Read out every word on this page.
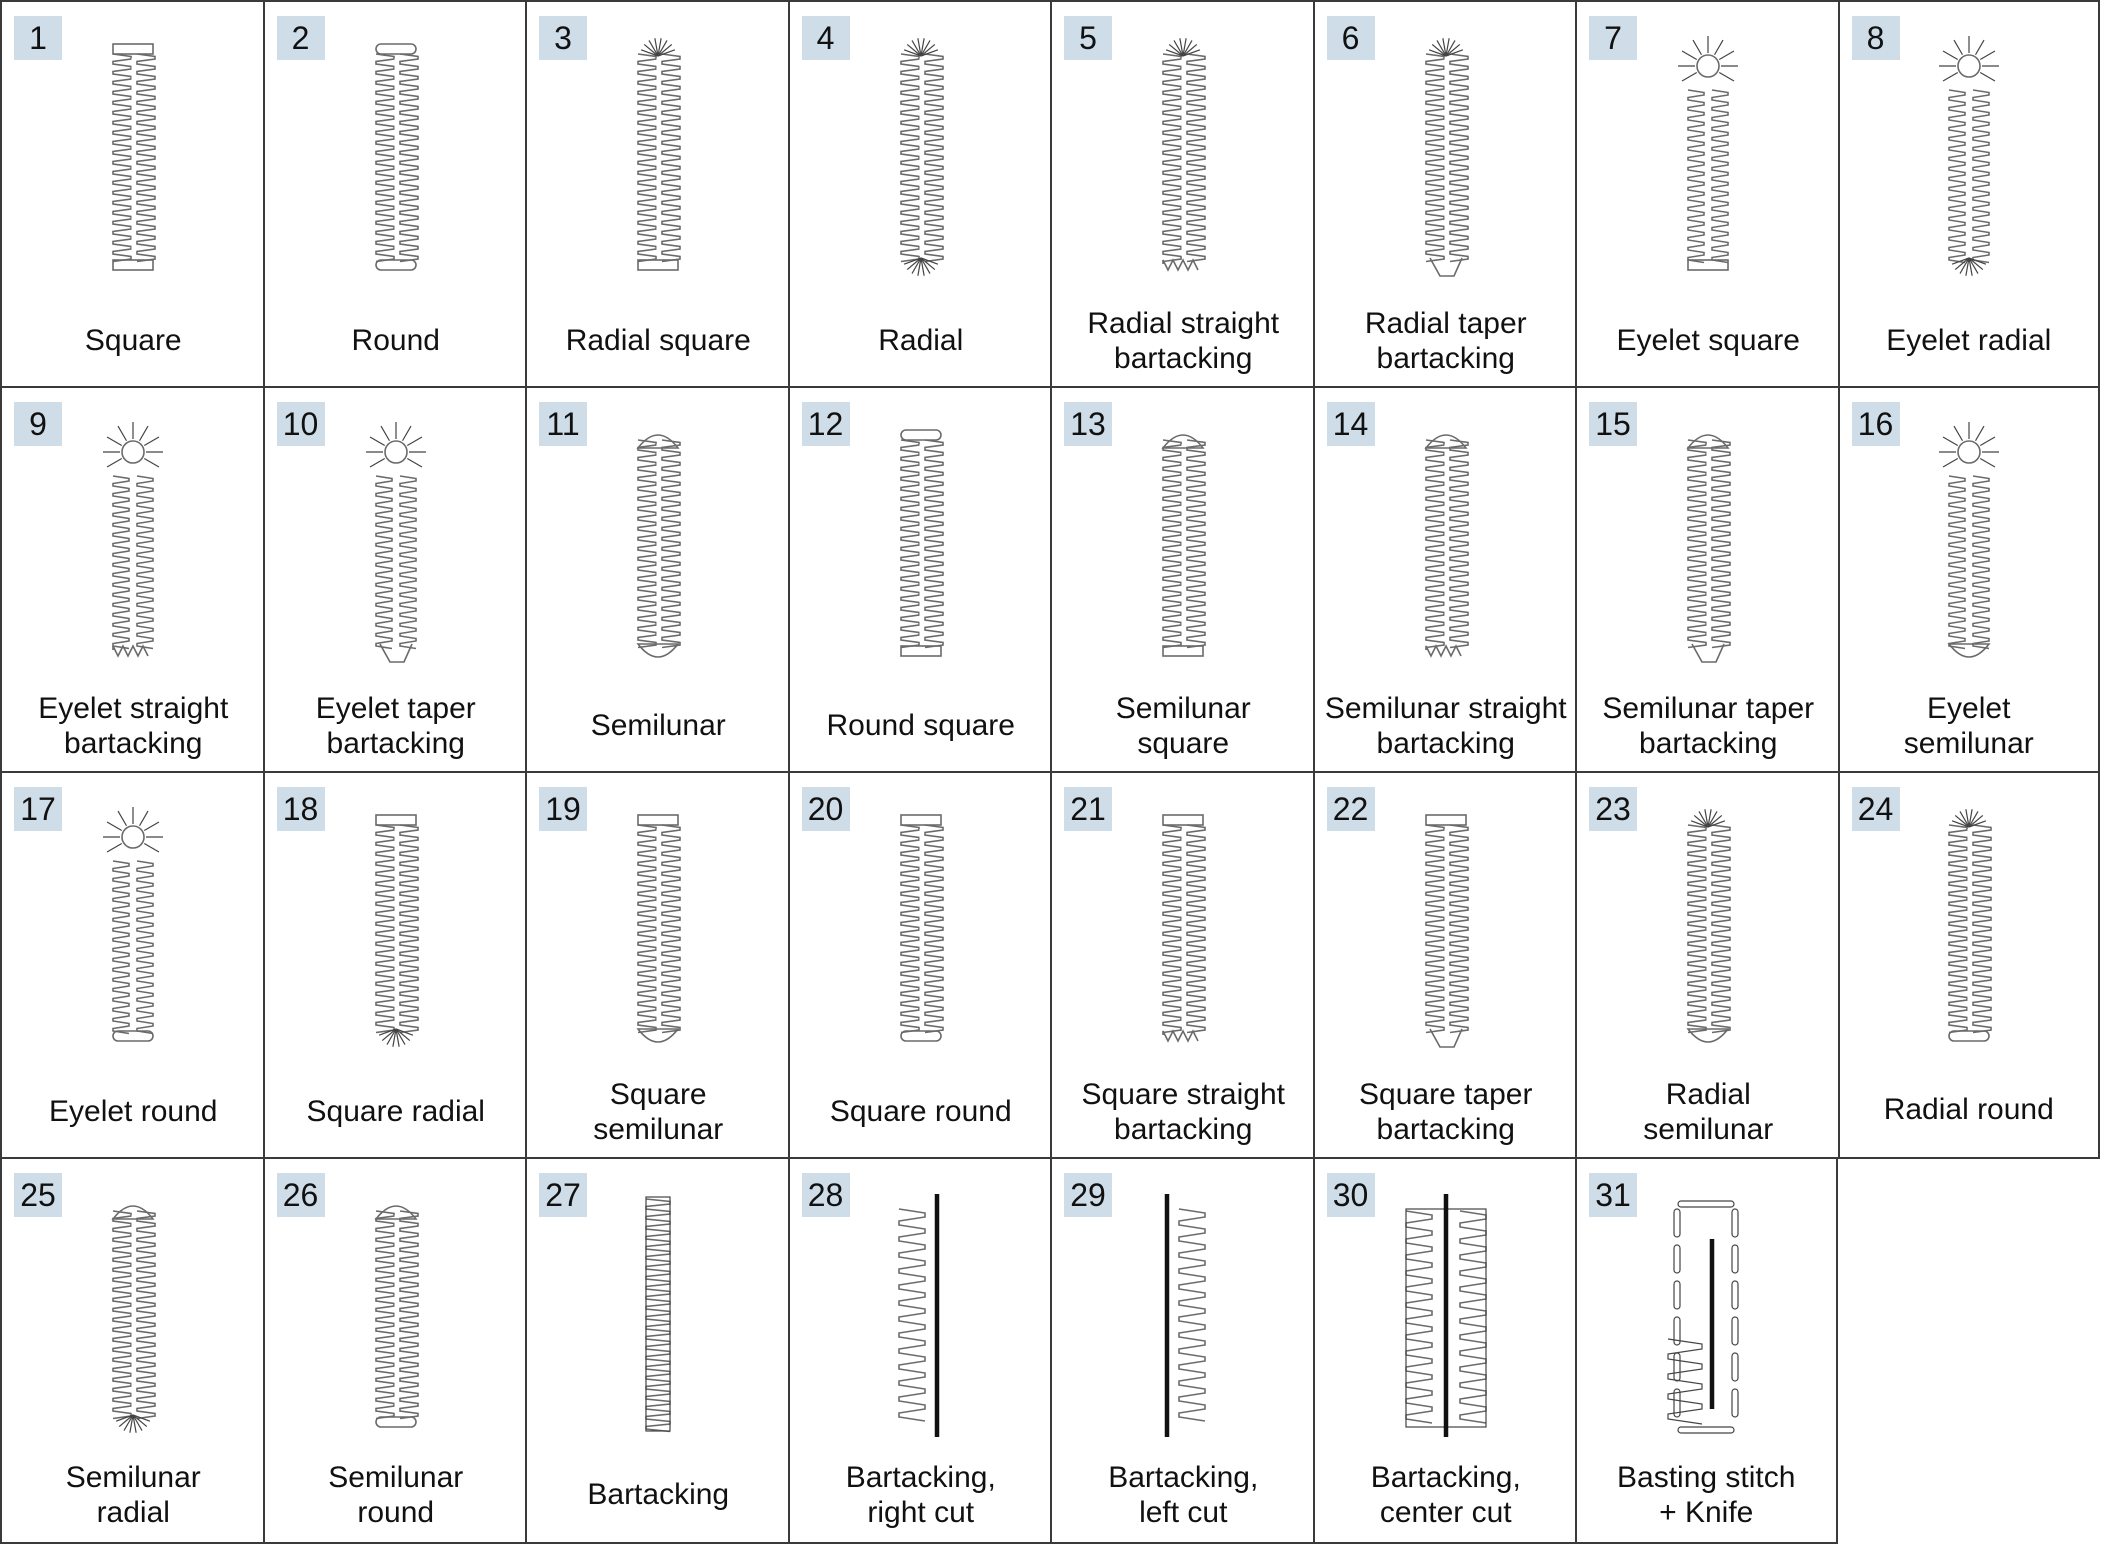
1
Square
2
Round
3
Radial square
4
Radial
5
Radial straight
bartacking
6
Radial taper
bartacking
7
Eyelet square
8
Eyelet radial
9
Eyelet straight
bartacking
10
Eyelet taper
bartacking
11
Semilunar
12
Round square
13
Semilunar
square
14
Semilunar straight
bartacking
15
Semilunar taper
bartacking
16
Eyelet
semilunar
17
Eyelet round
18
Square radial
19
Square
semilunar
20
Square round
21
Square straight
bartacking
22
Square taper
bartacking
23
Radial
semilunar
24
Radial round
25
Semilunar
radial
26
Semilunar
round
27
Bartacking
28
Bartacking,
right cut
29
Bartacking,
left cut
30
Bartacking,
center cut
31
Basting stitch
+ Knife
